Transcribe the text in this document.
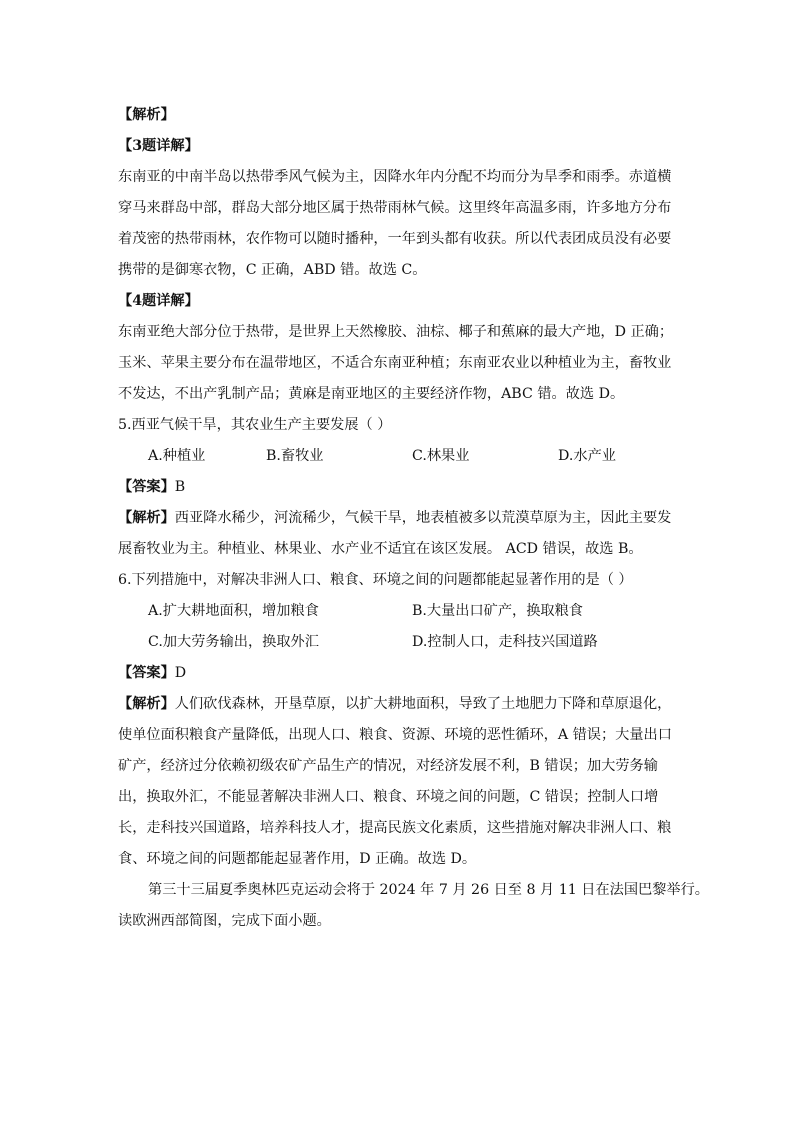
【解析】
【3题详解】
东南亚的中南半岛以热带季风气候为主，因降水年内分配不均而分为旱季和雨季。赤道横
穿马来群岛中部，群岛大部分地区属于热带雨林气候。这里终年高温多雨，许多地方分布
着茂密的热带雨林，农作物可以随时播种，一年到头都有收获。所以代表团成员没有必要
携带的是御寒衣物，C 正确，ABD 错。故选 C。
【4题详解】
东南亚绝大部分位于热带，是世界上天然橡胶、油棕、椰子和蕉麻的最大产地，D 正确；
玉米、苹果主要分布在温带地区，不适合东南亚种植；东南亚农业以种植业为主，畜牧业
不发达，不出产乳制产品；黄麻是南亚地区的主要经济作物，ABC 错。故选 D。
5.西亚气候干旱，其农业生产主要发展（ ）
A.种植业	B.畜牧业	C.林果业	D.水产业
【答案】B
【解析】西亚降水稀少，河流稀少，气候干旱，地表植被多以荒漠草原为主，因此主要发
展畜牧业为主。种植业、林果业、水产业不适宜在该区发展。 ACD 错误，故选 B。
6.下列措施中，对解决非洲人口、粮食、环境之间的问题都能起显著作用的是（ ）
A.扩大耕地面积，增加粮食	B.大量出口矿产，换取粮食
C.加大劳务输出，换取外汇	D.控制人口，走科技兴国道路
【答案】D
【解析】人们砍伐森林，开垦草原，以扩大耕地面积，导致了土地肥力下降和草原退化，
使单位面积粮食产量降低，出现人口、粮食、资源、环境的恶性循环，A 错误；大量出口
矿产，经济过分依赖初级农矿产品生产的情况，对经济发展不利，B 错误；加大劳务输
出，换取外汇，不能显著解决非洲人口、粮食、环境之间的问题，C 错误；控制人口增
长，走科技兴国道路，培养科技人才，提高民族文化素质，这些措施对解决非洲人口、粮
食、环境之间的问题都能起显著作用，D 正确。故选 D。
第三十三届夏季奥林匹克运动会将于 2024 年 7 月 26 日至 8 月 11 日在法国巴黎举行。
读欧洲西部简图，完成下面小题。
